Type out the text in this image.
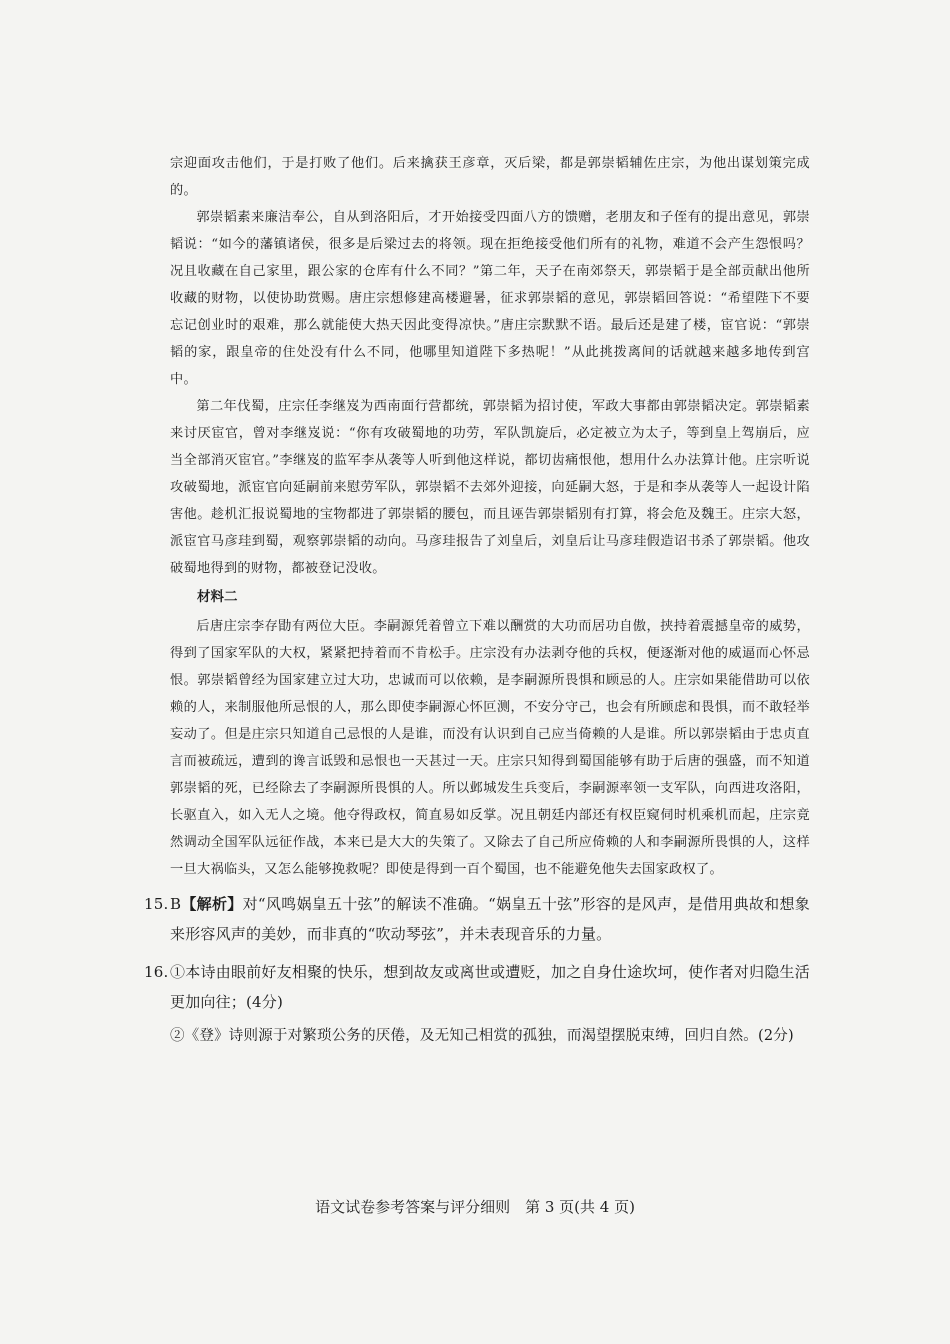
宗迎面攻击他们，于是打败了他们。后来擒获王彦章，灭后梁，都是郭崇韬辅佐庄宗，为他出谋划策完成的。

郭崇韬素来廉洁奉公，自从到洛阳后，才开始接受四面八方的馈赠，老朋友和子侄有的提出意见，郭崇韬说：“如今的藩镇诸侯，很多是后梁过去的将领。现在拒绝接受他们所有的礼物，难道不会产生怨恨吗？况且收藏在自己家里，跟公家的仓库有什么不同？”第二年，天子在南郊祭天，郭崇韬于是全部贡献出他所收藏的财物，以使协助赏赐。唐庄宗想修建高楼避暑，征求郭崇韬的意见，郭崇韬回答说：“希望陛下不要忘记创业时的艰难，那么就能使大热天因此变得凉快。”唐庄宗默默不语。最后还是建了楼，宦官说：“郭崇韬的家，跟皇帝的住处没有什么不同，他哪里知道陛下多热呢！”从此挑拨离间的话就越来越多地传到宫中。

第二年伐蜀，庄宗任李继岌为西南面行营都统，郭崇韬为招讨使，军政大事都由郭崇韬决定。郭崇韬素来讨厌宦官，曾对李继岌说：“你有攻破蜀地的功劳，军队凯旋后，必定被立为太子，等到皇上驾崩后，应当全部消灭宦官。”李继岌的监军李从袭等人听到他这样说，都切齿痛恨他，想用什么办法算计他。庄宗听说攻破蜀地，派宦官向延嗣前来慰劳军队，郭崇韬不去郊外迎接，向延嗣大怒，于是和李从袭等人一起设计陷害他。趁机汇报说蜀地的宝物都进了郭崇韬的腰包，而且诬告郭崇韬别有打算，将会危及魏王。庄宗大怒，派宦官马彦珪到蜀，观察郭崇韬的动向。马彦珪报告了刘皇后，刘皇后让马彦珪假造诏书杀了郭崇韬。他攻破蜀地得到的财物，都被登记没收。

材料二

后唐庄宗李存勖有两位大臣。李嗣源凭着曾立下难以酬赏的大功而居功自傲，挟持着震撼皇帝的威势，得到了国家军队的大权，紧紧把持着而不肯松手。庄宗没有办法剥夺他的兵权，便逐渐对他的威逼而心怀忌恨。郭崇韬曾经为国家建立过大功，忠诚而可以依赖，是李嗣源所畏惧和顾忌的人。庄宗如果能借助可以依赖的人，来制服他所忌恨的人，那么即使李嗣源心怀叵测，不安分守己，也会有所顾虑和畏惧，而不敢轻举妄动了。但是庄宗只知道自己忌恨的人是谁，而没有认识到自己应当倚赖的人是谁。所以郭崇韬由于忠贞直言而被疏远，遭到的谗言诋毁和忌恨也一天甚过一天。庄宗只知得到蜀国能够有助于后唐的强盛，而不知道郭崇韬的死，已经除去了李嗣源所畏惧的人。所以邺城发生兵变后，李嗣源率领一支军队，向西进攻洛阳，长驱直入，如入无人之境。他夺得政权，简直易如反掌。况且朝廷内部还有权臣窥伺时机乘机而起，庄宗竟然调动全国军队远征作战，本来已是大大的失策了。又除去了自己所应倚赖的人和李嗣源所畏惧的人，这样一旦大祸临头，又怎么能够挽救呢？即使是得到一百个蜀国，也不能避免他失去国家政权了。

15. B【解析】对“风鸣娲皇五十弦”的解读不准确。“娲皇五十弦”形容的是风声，是借用典故和想象来形容风声的美妙，而非真的“吹动琴弦”，并未表现音乐的力量。
16. ①本诗由眼前好友相聚的快乐，想到故友或离世或遭贬，加之自身仕途坎坷，使作者对归隐生活更加向往；(4分)

②《登》诗则源于对繁琐公务的厌倦，及无知己相赏的孤独，而渴望摆脱束缚，回归自然。(2分)

语文试卷参考答案与评分细则　第 3 页(共 4 页)
